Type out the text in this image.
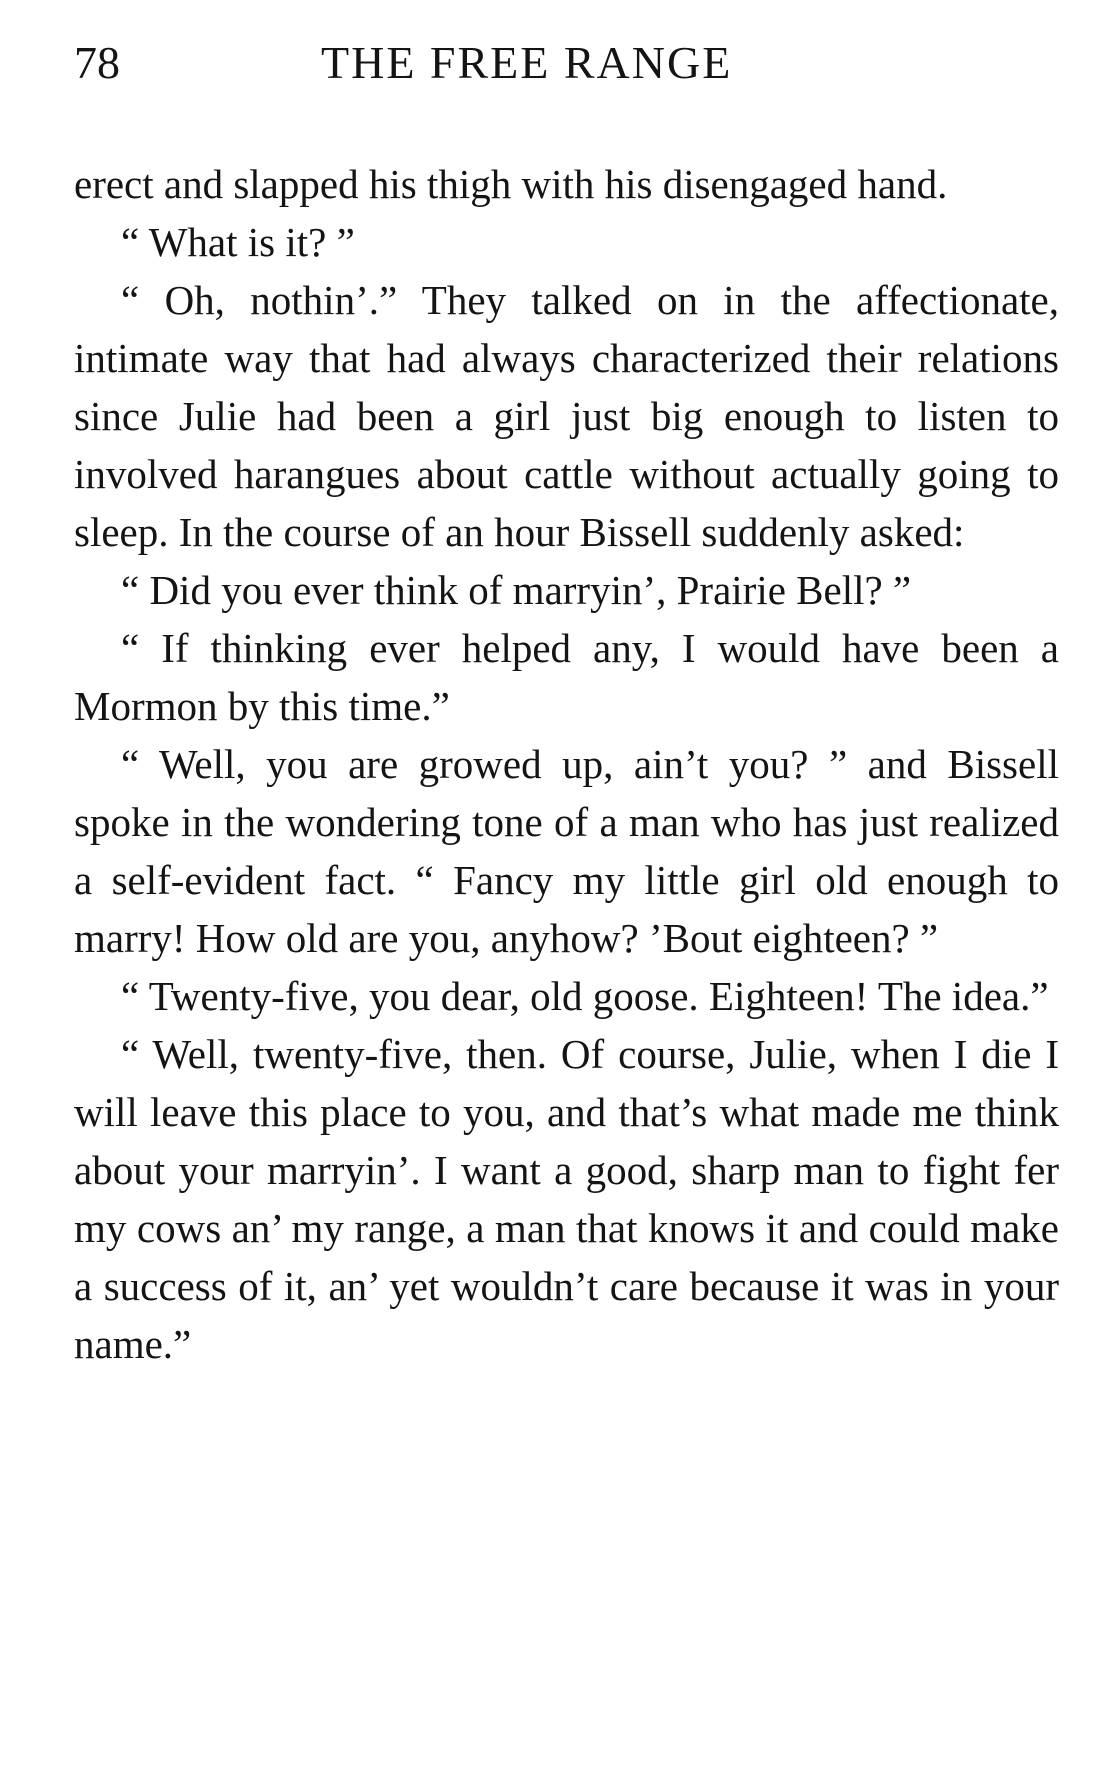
78	THE FREE RANGE

erect and slapped his thigh with his disengaged hand.

“ What is it? ”

“ Oh, nothin’.” They talked on in the affectionate, intimate way that had always characterized their relations since Julie had been a girl just big enough to listen to involved harangues about cattle without actually going to sleep. In the course of an hour Bissell suddenly asked:

“ Did you ever think of marryin’, Prairie Bell? ”

“ If thinking ever helped any, I would have been a Mormon by this time.”

“ Well, you are growed up, ain’t you? ” and Bissell spoke in the wondering tone of a man who has just realized a self-evident fact. “ Fancy my little girl old enough to marry! How old are you, anyhow? ’Bout eighteen? ”

“ Twenty-five, you dear, old goose. Eighteen! The idea.”

“ Well, twenty-five, then. Of course, Julie, when I die I will leave this place to you, and that’s what made me think about your marryin’. I want a good, sharp man to fight fer my cows an’ my range, a man that knows it and could make a success of it, an’ yet wouldn’t care because it was in your name.”
